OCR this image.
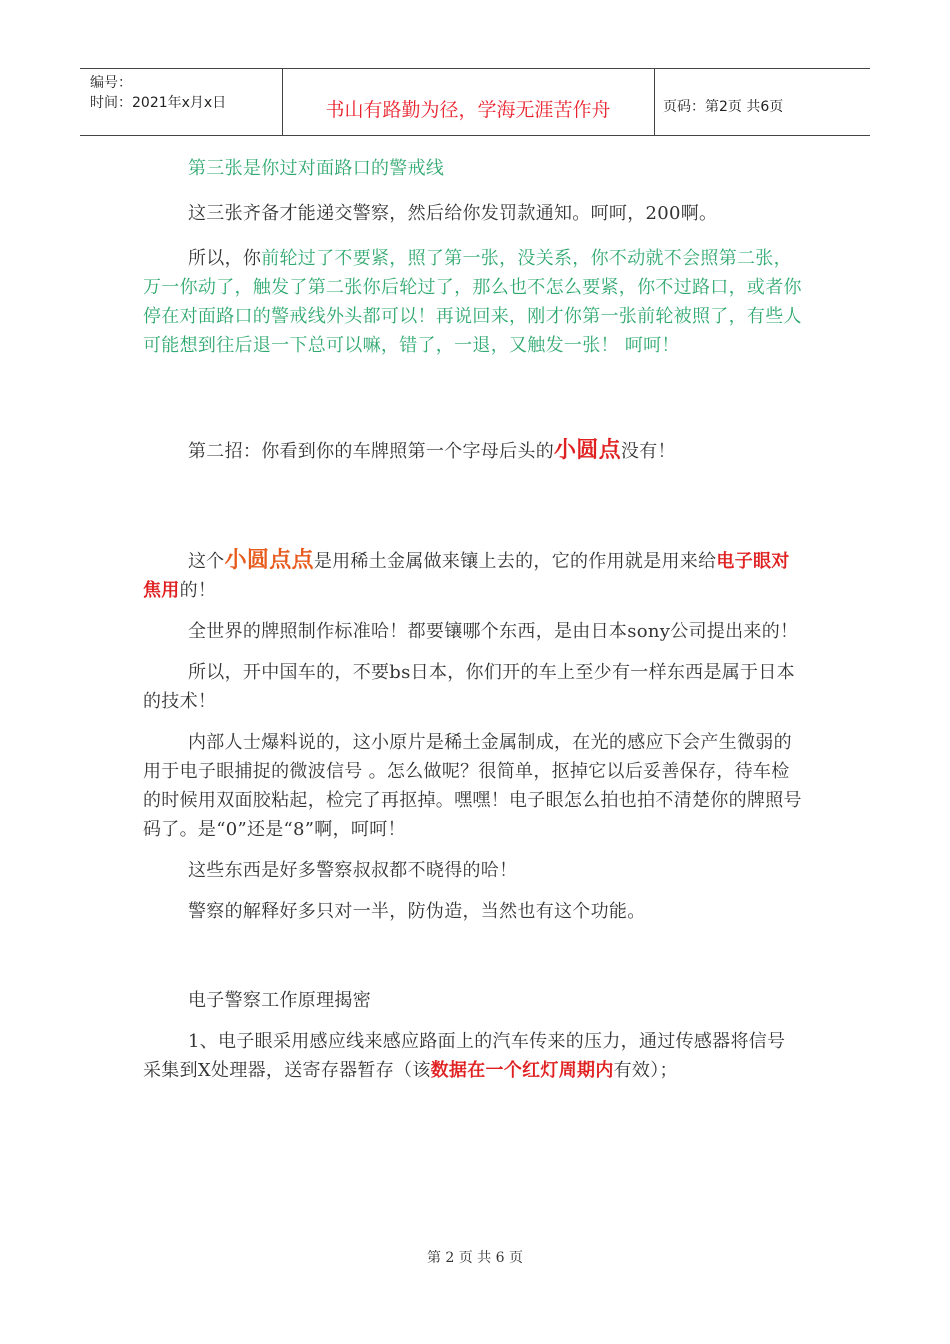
编号：
时间：2021年x月x日	书山有路勤为径，学海无涯苦作舟	页码：第2页 共6页

第三张是你过对面路口的警戒线

这三张齐备才能递交警察，然后给你发罚款通知。呵呵，200啊。

所以，你前轮过了不要紧，照了第一张，没关系，你不动就不会照第二张，万一你动了，触发了第二张你后轮过了，那么也不怎么要紧，你不过路口，或者你停在对面路口的警戒线外头都可以！再说回来，刚才你第一张前轮被照了，有些人可能想到往后退一下总可以嘛，错了，一退，又触发一张！ 呵呵！

第二招：你看到你的车牌照第一个字母后头的小圆点没有！

这个小圆点点是用稀土金属做来镶上去的，它的作用就是用来给电子眼对焦用的！

全世界的牌照制作标准哈！都要镶哪个东西，是由日本sony公司提出来的！

所以，开中国车的，不要bs日本，你们开的车上至少有一样东西是属于日本的技术！

内部人士爆料说的，这小原片是稀土金属制成，在光的感应下会产生微弱的用于电子眼捕捉的微波信号 。怎么做呢？很简单，抠掉它以后妥善保存，待车检的时候用双面胶粘起，检完了再抠掉。嘿嘿！电子眼怎么拍也拍不清楚你的牌照号码了。是“0”还是“8”啊，呵呵！

这些东西是好多警察叔叔都不晓得的哈！

警察的解释好多只对一半，防伪造，当然也有这个功能。

电子警察工作原理揭密

1、电子眼采用感应线来感应路面上的汽车传来的压力，通过传感器将信号采集到X处理器，送寄存器暂存（该数据在一个红灯周期内有效）；

第 2 页 共 6 页
